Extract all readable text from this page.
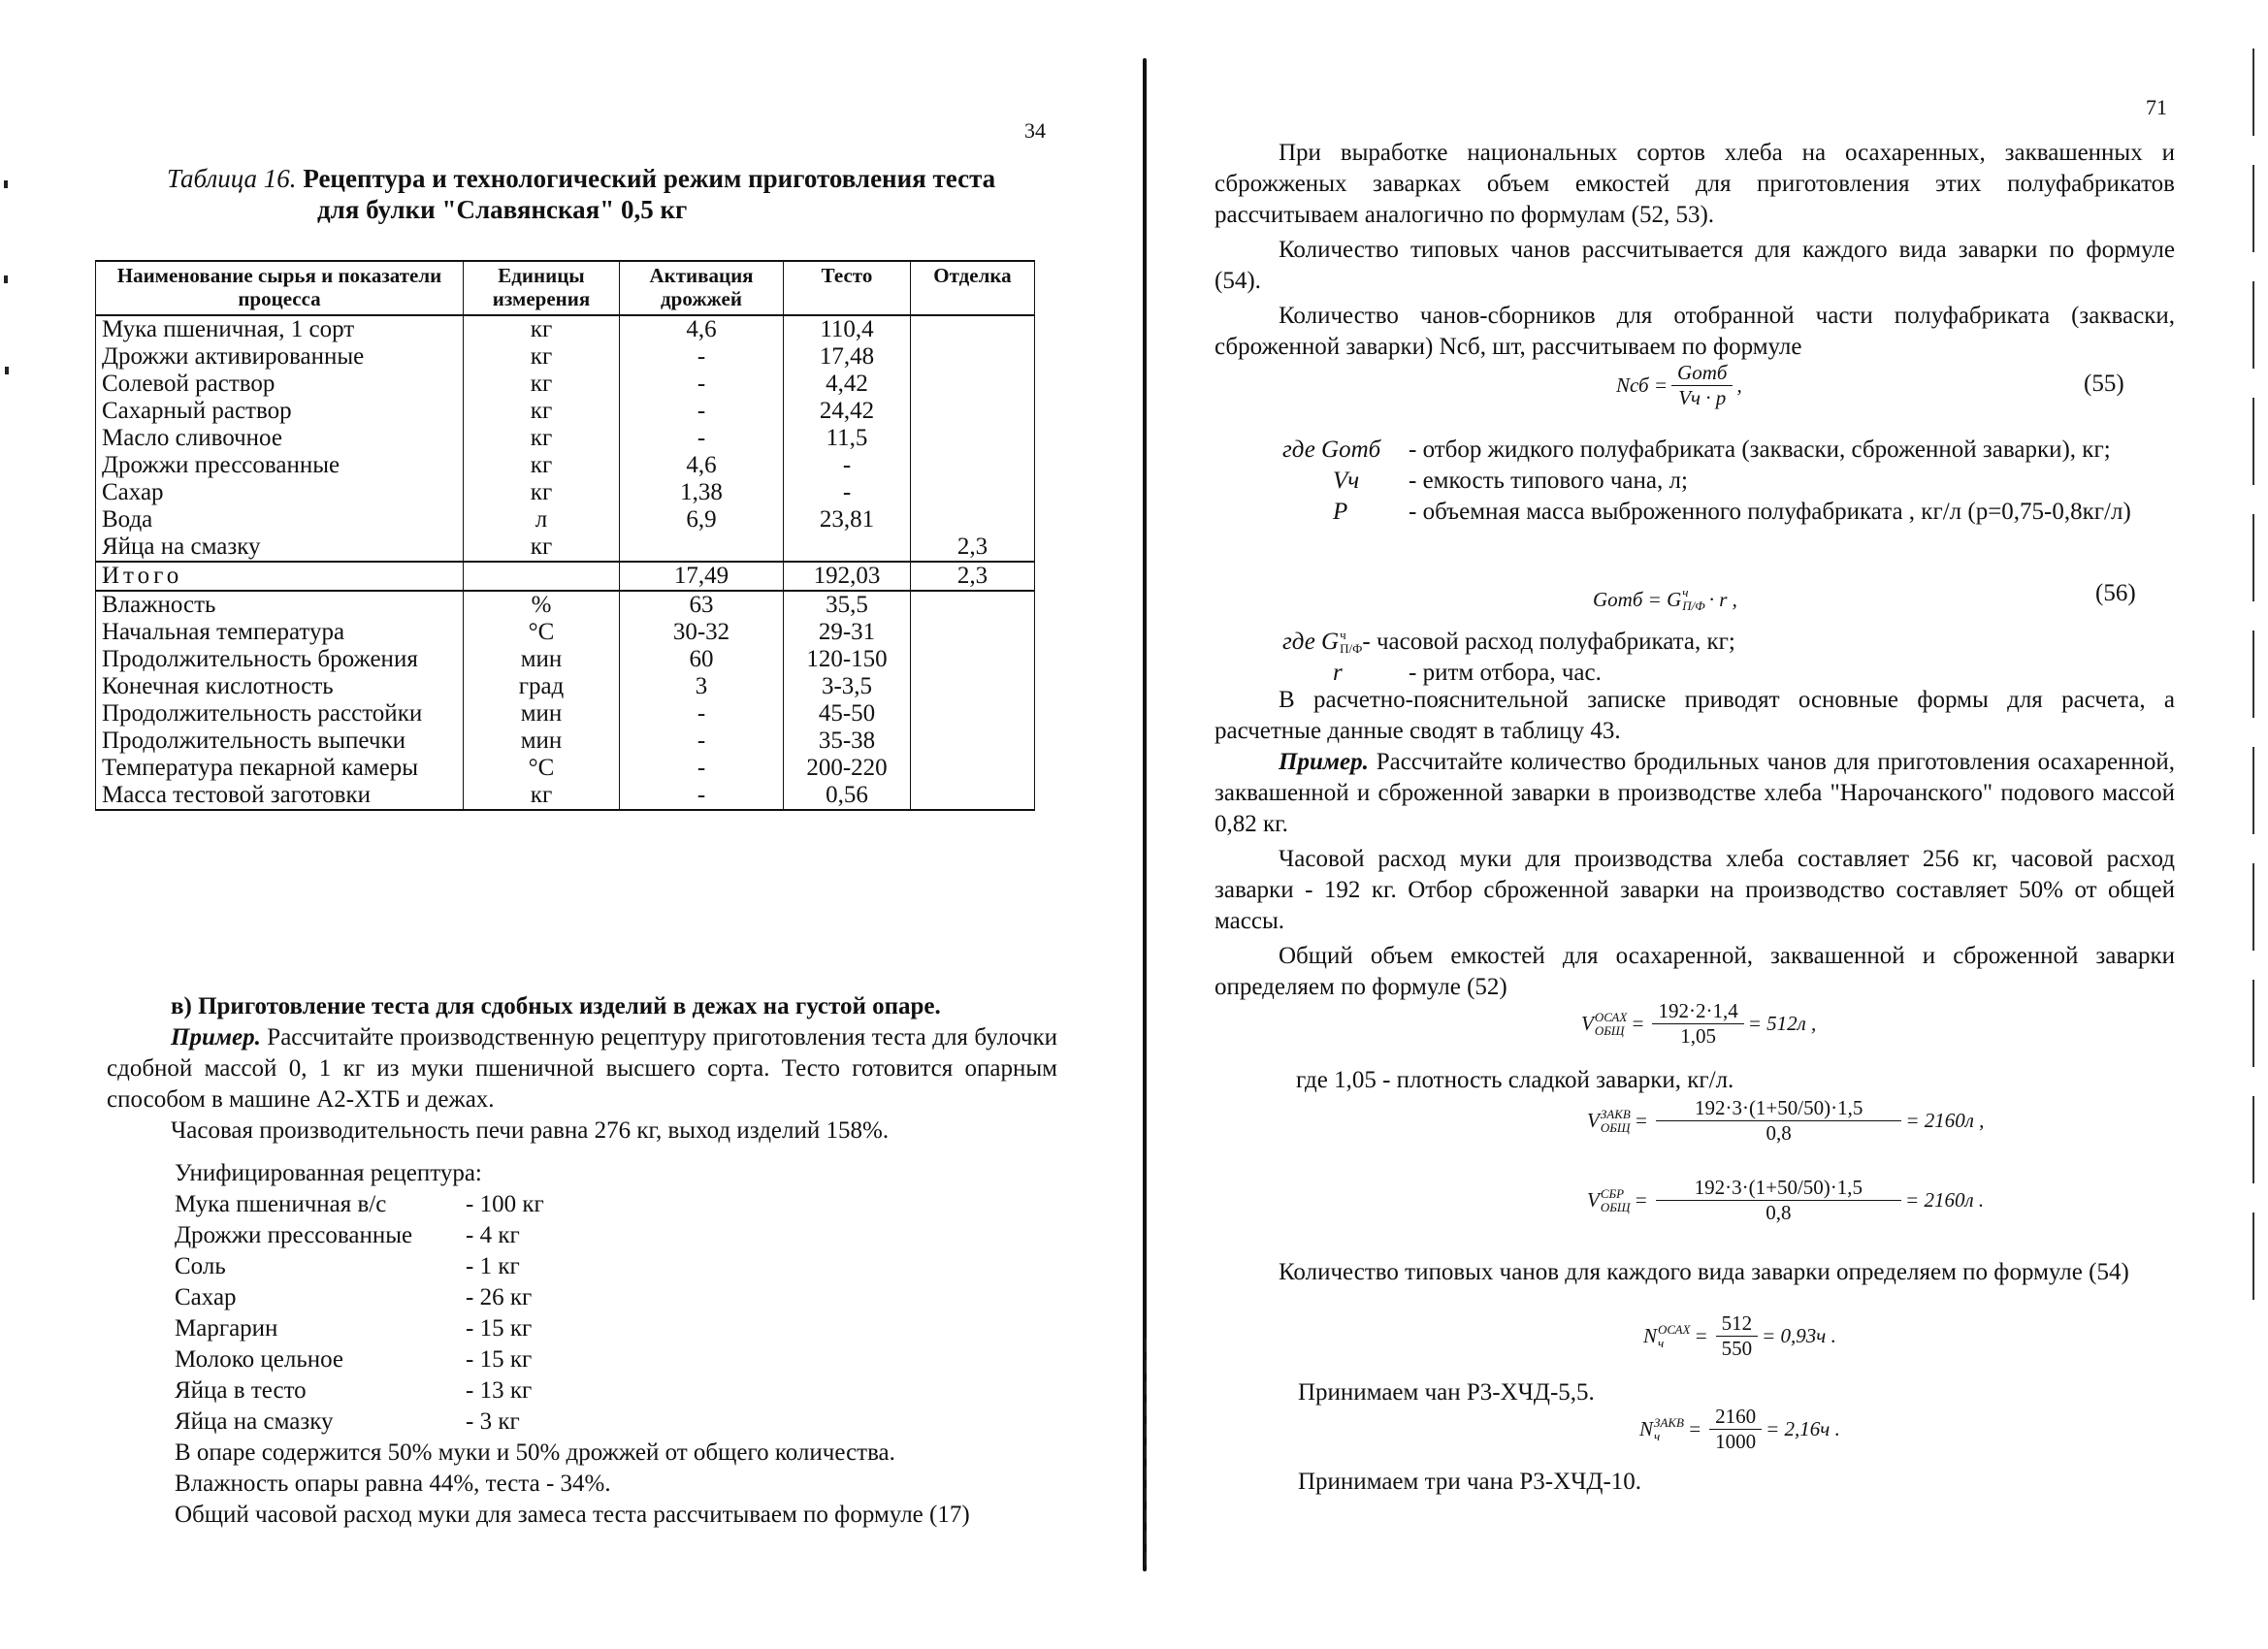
34
Таблица 16. Рецептура и технологический режим приготовления теста
для булки "Славянская" 0,5 кг
Наименование сырья и показатели процесса	Единицы измерения	Активация дрожжей	Тесто	Отделка
Мука пшеничная, 1 сорт	кг	4,6	110,4	
Дрожжи активированные	кг	-	17,48	
Солевой раствор	кг	-	4,42	
Сахарный раствор	кг	-	24,42	
Масло сливочное	кг	-	11,5	
Дрожжи прессованные	кг	4,6	-	
Сахар	кг	1,38	-	
Вода	л	6,9	23,81	
Яйца на смазку	кг			2,3
Итого		17,49	192,03	2,3
Влажность	%	63	35,5	
Начальная температура	°C	30-32	29-31	
Продолжительность брожения	мин	60	120-150	
Конечная кислотность	град	3	3-3,5	
Продолжительность расстойки	мин	-	45-50	
Продолжительность выпечки	мин	-	35-38	
Температура пекарной камеры	°C	-	200-220	
Масса тестовой заготовки	кг	-	0,56	
в) Приготовление теста для сдобных изделий в дежах на густой опаре.
Пример. Рассчитайте производственную рецептуру приготовления теста для булочки сдобной массой 0, 1 кг из муки пшеничной высшего сорта. Тесто готовится опарным способом в машине А2-ХТБ и дежах.
Часовая производительность печи равна 276 кг, выход изделий 158%.
Унифицированная рецептура:
Мука пшеничная в/с	- 100 кг
Дрожжи прессованные	- 4 кг
Соль	- 1 кг
Сахар	- 26 кг
Маргарин	- 15 кг
Молоко цельное	- 15 кг
Яйца в тесто	- 13 кг
Яйца на смазку	- 3 кг
В опаре содержится 50% муки и 50% дрожжей от общего количества.
Влажность опары равна 44%, теста - 34%.
Общий часовой расход муки для замеса теста рассчитываем по формуле (17)
71
При выработке национальных сортов хлеба на осахаренных, заквашенных и сброжженых заварках объем емкостей для приготовления этих полуфабрикатов рассчитываем аналогично по формулам (52, 53).
Количество типовых чанов рассчитывается для каждого вида заварки по формуле (54).
Количество чанов-сборников для отобранной части полуфабриката (закваски, сброженной заварки) Nсб, шт, рассчитываем по формуле
Nсб = $\frac{\text{Gотб}}{Vч \cdot p}$ ,	(55)
где Gотб	- отбор жидкого полуфабриката (закваски, сброженной заварки), кг;
Vч	- емкость типового чана, л;
P	- объемная масса выброженного полуфабриката , кг/л (p=0,75-0,8кг/л)
Gотб = G ч
П/Ф · r ,	(56)
где G ч
П/Ф - часовой расход полуфабриката, кг;
r	- ритм отбора, час.
В расчетно-пояснительной записке приводят основные формы для расчета, а расчетные данные сводят в таблицу 43.
Пример. Рассчитайте количество бродильных чанов для приготовления осахаренной, заквашенной и сброженной заварки в производстве хлеба "Нарочанского" подового массой 0,82 кг.
Часовой расход муки для производства хлеба составляет 256 кг, часовой расход заварки - 192 кг. Отбор сброженной заварки на производство составляет 50% от общей массы.
Общий объем емкостей для осахаренной, заквашенной и сброженной заварки определяем по формуле (52)
V ОСАХ
ОБЩ = $\frac{192\cdot 2\cdot 1,4}{1,05} = 512л$ ,
где 1,05 - плотность сладкой заварки, кг/л.
V ЗАКВ
ОБЩ = $\frac{192\cdot 3\cdot(1+50/50)\cdot 1,5}{0,8} = 2160л$ ,
V СБР
ОБЩ = $\frac{192\cdot 3\cdot(1+50/50)\cdot 1,5}{0,8} = 2160л$ .
Количество типовых чанов для каждого вида заварки определяем по формуле (54)
N ОСАХ
ч	= $\frac{512}{550} = 0,93ч$ .
Принимаем чан Р3-ХЧД-5,5.
N ЗАКВ
ч	= $\frac{2160}{1000} = 2,16ч$ .
Принимаем три чана Р3-ХЧД-10.
